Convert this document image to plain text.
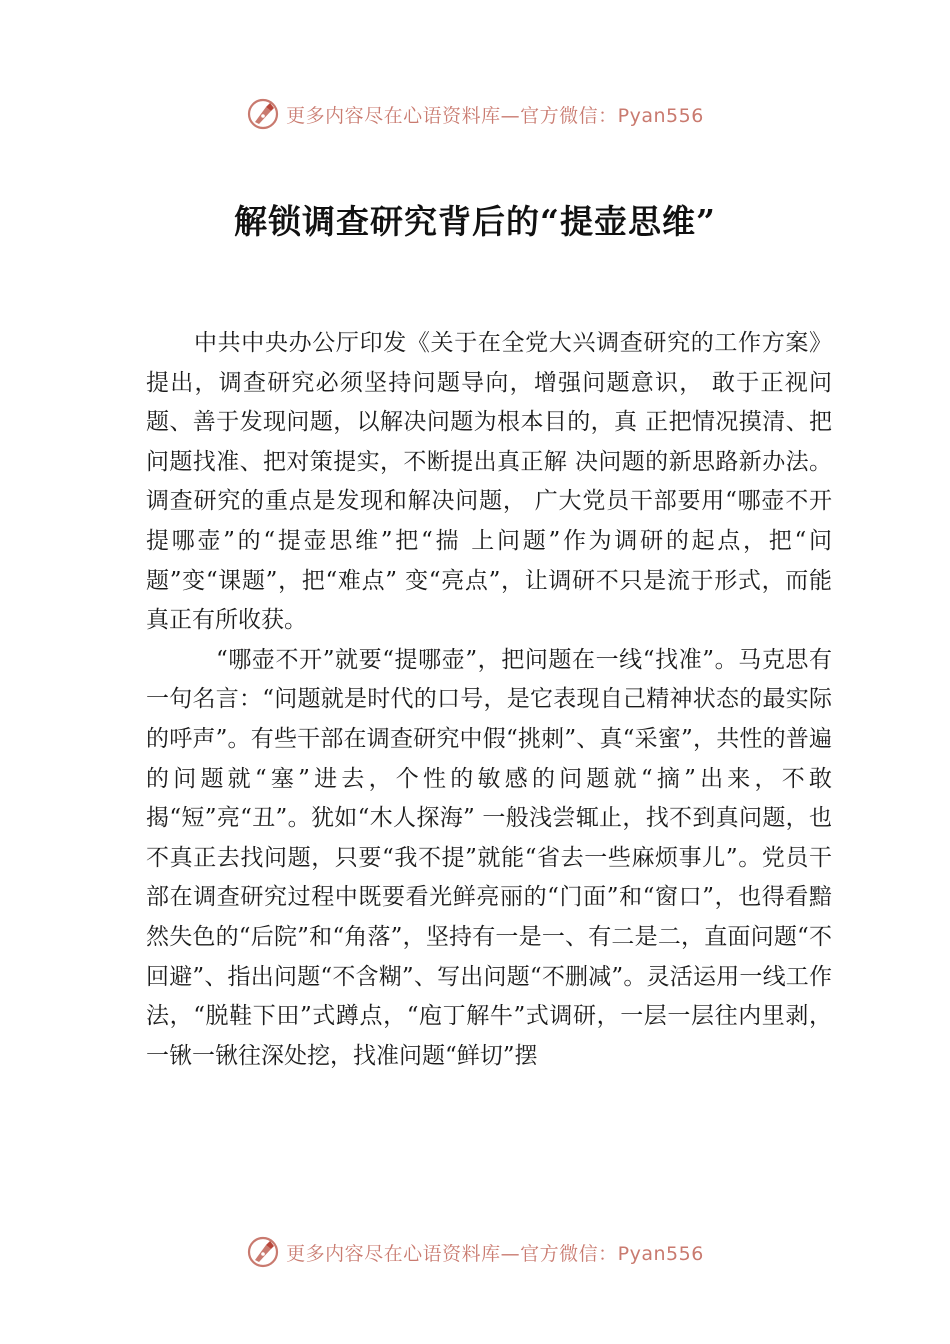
更多内容尽在心语资料库—官方微信：Pyan556
解锁调查研究背后的“提壶思维”

中共中央办公厅印发《关于在全党大兴调查研究的工作方案》提出，调查研究必须坚持问题导向，增强问题意识， 敢于正视问题、善于发现问题，以解决问题为根本目的，真 正把情况摸清、把问题找准、把对策提实，不断提出真正解 决问题的新思路新办法。调查研究的重点是发现和解决问题， 广大党员干部要用“哪壶不开提哪壶”的“提壶思维”把“揣 上问题”作为调研的起点，把“问题”变“课题”，把“难点” 变“亮点”，让调研不只是流于形式，而能真正有所收获。

“哪壶不开”就要“提哪壶”，把问题在一线“找准”。马克思有一句名言：“问题就是时代的口号，是它表现自己精神状态的最实际的呼声”。有些干部在调查研究中假“挑刺”、真“采蜜”，共性的普遍的问题就“塞”进去，个性的敏感的问题就“摘”出来，不敢揭“短”亮“丑”。犹如“木人探海” 一般浅尝辄止，找不到真问题，也不真正去找问题，只要“我不提”就能“省去一些麻烦事儿”。党员干部在调查研究过程中既要看光鲜亮丽的“门面”和“窗口”，也得看黯然失色的“后院”和“角落”，坚持有一是一、有二是二，直面问题“不回避”、指出问题“不含糊”、写出问题“不删减”。灵活运用一线工作法，“脱鞋下田”式蹲点，“庖丁解牛”式调研，一层一层往内里剥，一锹一锹往深处挖，找准问题“鲜切”摆

更多内容尽在心语资料库—官方微信：Pyan556
